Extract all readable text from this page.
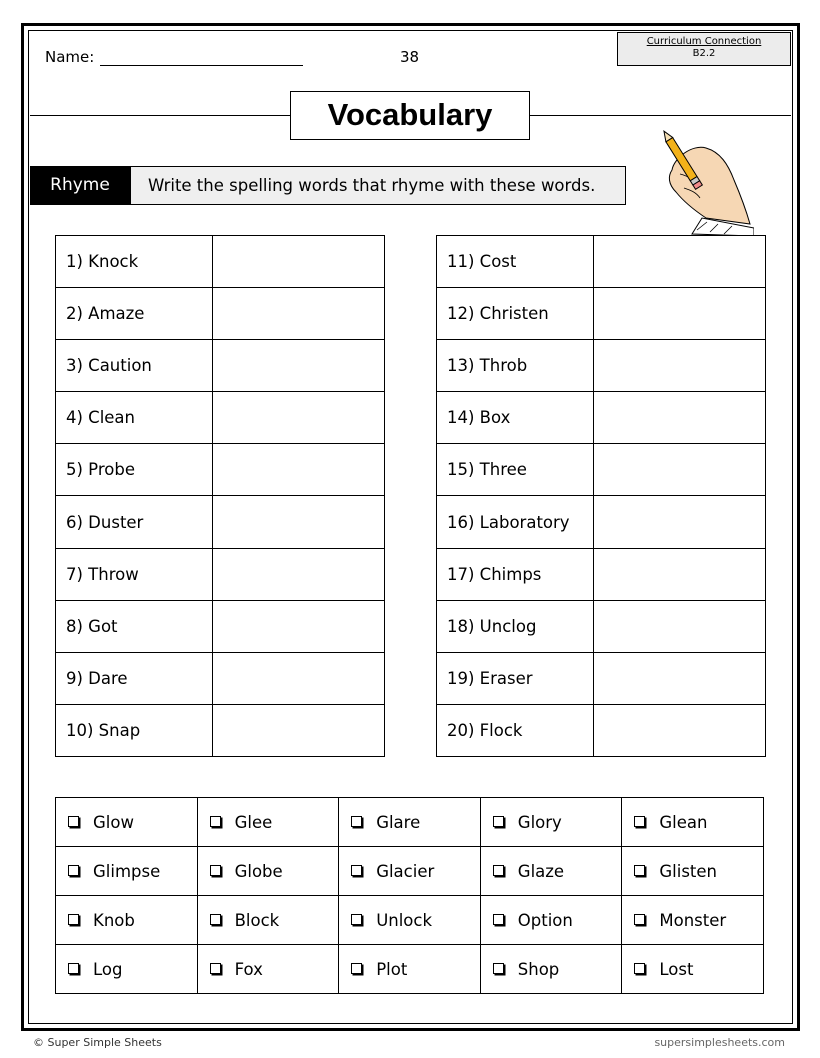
Name:	38
Curriculum Connection
B2.2
Vocabulary
Rhyme	Write the spelling words that rhyme with these words.
1) Knock	
2) Amaze	
3) Caution	
4) Clean	
5) Probe	
6) Duster	
7) Throw	
8) Got	
9) Dare	
10) Snap	
11) Cost	
12) Christen	
13) Throb	
14) Box	
15) Three	
16) Laboratory	
17) Chimps	
18) Unclog	
19) Eraser	
20) Flock	
Glow	Glee	Glare	Glory	Glean
Glimpse	Globe	Glacier	Glaze	Glisten
Knob	Block	Unlock	Option	Monster
Log	Fox	Plot	Shop	Lost
© Super Simple Sheets	supersimplesheets.com
